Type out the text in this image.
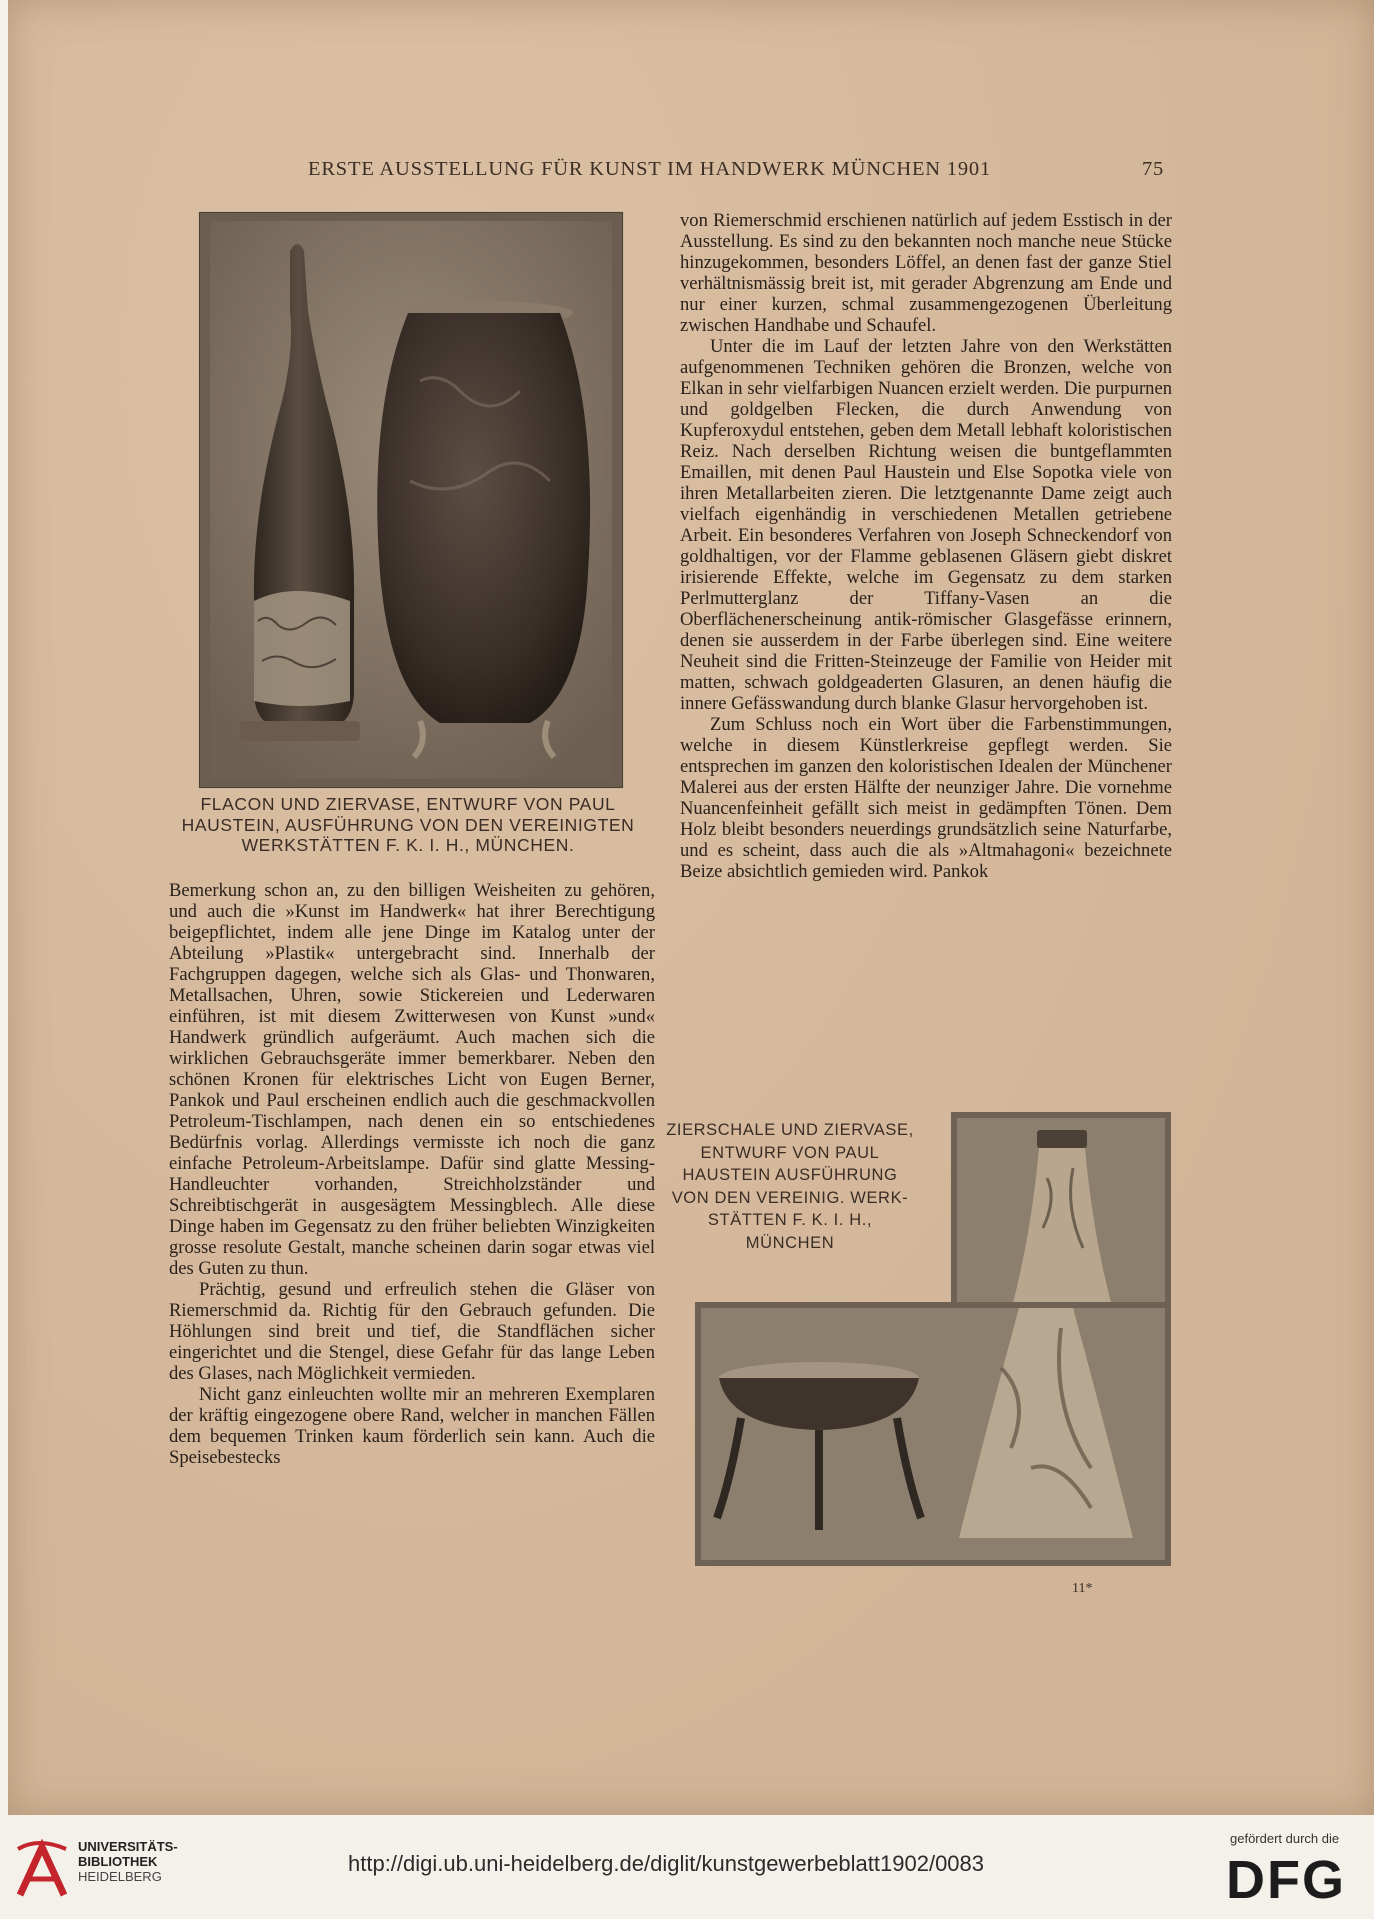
ERSTE AUSSTELLUNG FÜR KUNST IM HANDWERK MÜNCHEN 1901	75
FLACON UND ZIERVASE, ENTWURF VON PAUL HAUSTEIN, AUSFÜHRUNG VON DEN VEREINIGTEN WERKSTÄTTEN F. K. I. H., MÜNCHEN.

von Riemerschmid erschienen natürlich auf jedem Esstisch in der Ausstellung. Es sind zu den bekannten noch manche neue Stücke hinzugekommen, besonders Löffel, an denen fast der ganze Stiel verhältnismässig breit ist, mit gerader Abgrenzung am Ende und nur einer kurzen, schmal zusammengezogenen Überleitung zwischen Handhabe und Schaufel.

Unter die im Lauf der letzten Jahre von den Werkstätten aufgenommenen Techniken gehören die Bronzen, welche von Elkan in sehr vielfarbigen Nuancen erzielt werden. Die purpurnen und goldgelben Flecken, die durch Anwendung von Kupferoxydul entstehen, geben dem Metall lebhaft koloristischen Reiz. Nach derselben Richtung weisen die buntgeflammten Emaillen, mit denen Paul Haustein und Else Sopotka viele von ihren Metallarbeiten zieren. Die letztgenannte Dame zeigt auch vielfach eigenhändig in verschiedenen Metallen getriebene Arbeit. Ein besonderes Verfahren von Joseph Schneckendorf von goldhaltigen, vor der Flamme geblasenen Gläsern giebt diskret irisierende Effekte, welche im Gegensatz zu dem starken Perlmutterglanz der Tiffany-Vasen an die Oberflächenerscheinung antik-römischer Glasgefässe erinnern, denen sie ausserdem in der Farbe überlegen sind. Eine weitere Neuheit sind die Fritten-Steinzeuge der Familie von Heider mit matten, schwach goldgeaderten Glasuren, an denen häufig die innere Gefässwandung durch blanke Glasur hervorgehoben ist.

Zum Schluss noch ein Wort über die Farbenstimmungen, welche in diesem Künstlerkreise gepflegt werden. Sie entsprechen im ganzen den koloristischen Idealen der Münchener Malerei aus der ersten Hälfte der neunziger Jahre. Die vornehme Nuancenfeinheit gefällt sich meist in gedämpften Tönen. Dem Holz bleibt besonders neuerdings grundsätzlich seine Naturfarbe, und es scheint, dass auch die als »Altmahagoni« bezeichnete Beize absichtlich gemieden wird. Pankok

Bemerkung schon an, zu den billigen Weisheiten zu gehören, und auch die »Kunst im Handwerk« hat ihrer Berechtigung beigepflichtet, indem alle jene Dinge im Katalog unter der Abteilung »Plastik« untergebracht sind. Innerhalb der Fachgruppen dagegen, welche sich als Glas- und Thonwaren, Metallsachen, Uhren, sowie Stickereien und Lederwaren einführen, ist mit diesem Zwitterwesen von Kunst »und« Handwerk gründlich aufgeräumt. Auch machen sich die wirklichen Gebrauchsgeräte immer bemerkbarer. Neben den schönen Kronen für elektrisches Licht von Eugen Berner, Pankok und Paul erscheinen endlich auch die geschmackvollen Petroleum-Tischlampen, nach denen ein so entschiedenes Bedürfnis vorlag. Allerdings vermisste ich noch die ganz einfache Petroleum-Arbeitslampe. Dafür sind glatte Messing-Handleuchter vorhanden, Streichholzständer und Schreibtischgerät in ausgesägtem Messingblech. Alle diese Dinge haben im Gegensatz zu den früher beliebten Winzigkeiten grosse resolute Gestalt, manche scheinen darin sogar etwas viel des Guten zu thun.

Prächtig, gesund und erfreulich stehen die Gläser von Riemerschmid da. Richtig für den Gebrauch gefunden. Die Höhlungen sind breit und tief, die Standflächen sicher eingerichtet und die Stengel, diese Gefahr für das lange Leben des Glases, nach Möglichkeit vermieden.

Nicht ganz einleuchten wollte mir an mehreren Exemplaren der kräftig eingezogene obere Rand, welcher in manchen Fällen dem bequemen Trinken kaum förderlich sein kann. Auch die Speisebestecks

ZIERSCHALE UND ZIERVASE, ENTWURF VON PAUL HAUSTEIN AUSFÜHRUNG VON DEN VEREINIG. WERK-STÄTTEN F. K. I. H., MÜNCHEN
11*
UNIVERSITÄTS-
BIBLIOTHEK
HEIDELBERG
http://digi.ub.uni-heidelberg.de/diglit/kunstgewerbeblatt1902/0083
gefördert durch die
DFG
